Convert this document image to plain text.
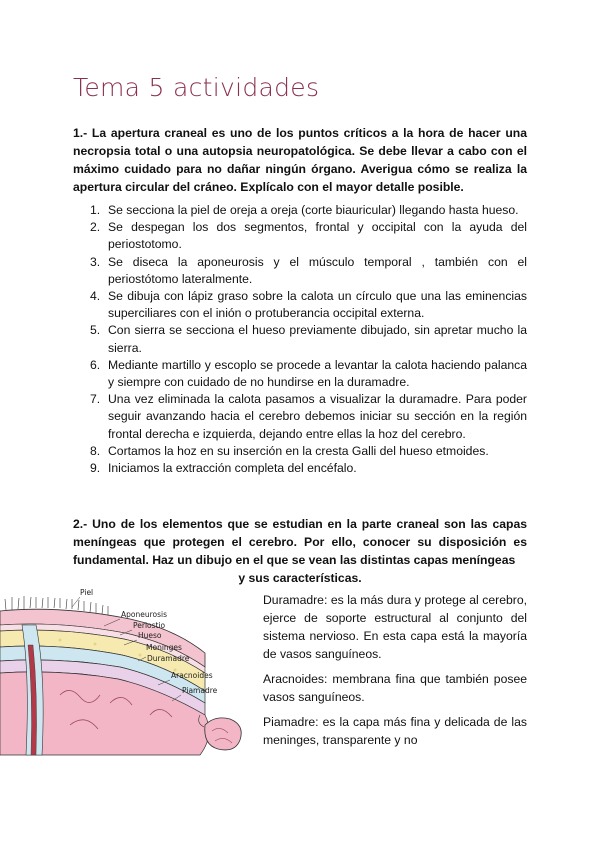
Tema 5 actividades
1.- La apertura craneal es uno de los puntos críticos a la hora de hacer una necropsia total o una autopsia neuropatológica. Se debe llevar a cabo con el máximo cuidado para no dañar ningún órgano. Averigua cómo se realiza la apertura circular del cráneo. Explícalo con el mayor detalle posible.
1. Se secciona la piel de oreja a oreja (corte biauricular) llegando hasta hueso.
2. Se despegan los dos segmentos, frontal y occipital con la ayuda del periostotomo.
3. Se diseca la aponeurosis y el músculo temporal , también con el periostótomo lateralmente.
4. Se dibuja con lápiz graso sobre la calota un círculo que una las eminencias superciliares con el inión o protuberancia occipital externa.
5. Con sierra se secciona el hueso previamente dibujado, sin apretar mucho la sierra.
6. Mediante martillo y escoplo se procede a levantar la calota haciendo palanca y siempre con cuidado de no hundirse en la duramadre.
7. Una vez eliminada la calota pasamos a visualizar la duramadre. Para poder seguir avanzando hacia el cerebro debemos iniciar su sección en la región frontal derecha e izquierda, dejando entre ellas la hoz del cerebro.
8. Cortamos la hoz en su inserción en la cresta Galli del hueso etmoides.
9. Iniciamos la extracción completa del encéfalo.
2.- Uno de los elementos que se estudian en la parte craneal son las capas meníngeas que protegen el cerebro. Por ello, conocer su disposición es fundamental. Haz un dibujo en el que se vean las distintas capas meníngeas
y sus características.
Piel
Aponeurosis
Periostio
Hueso
Meninges
Duramadre
Aracnoides
Piamadre
Duramadre: es la más dura y protege al cerebro, ejerce de soporte estructural al conjunto del sistema nervioso. En esta capa está la mayoría de vasos sanguíneos.
Aracnoides: membrana fina que también posee vasos sanguíneos.
Piamadre: es la capa más fina y delicada de las meninges, transparente y no
